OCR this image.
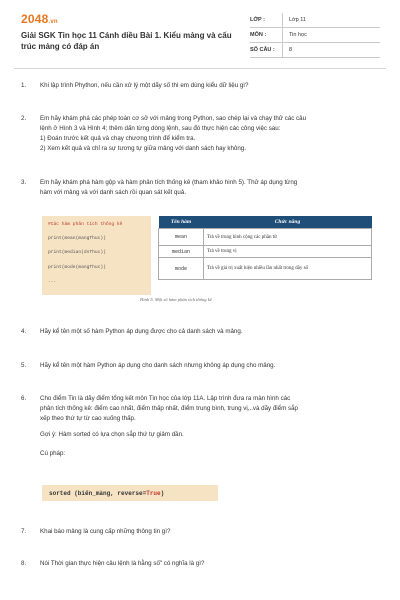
2048.vn
Giải SGK Tin học 11 Cánh diều Bài 1. Kiểu mảng và cấu trúc mảng có đáp án
LỚP :	Lớp 11
MÔN :	Tin học
SỐ CÂU :	8
1. Khi lập trình Phython, nếu cần xử lý một dãy số thì em dùng kiểu dữ liệu gì?

2. Em hãy khám phá các phép toán cơ sở với mảng trong Python, sao chép lại và chạy thử các câu

lệnh ở Hình 3 và Hình 4; thêm dấn từng dòng lệnh, sau đó thực hiện các công việc sau:

1) Đoán trước kết quả và chạy chương trình để kiểm tra.

2) Xem kết quả và chỉ ra sự tương tự giữa mảng với danh sách hay không.

3. Em hãy khám phá hàm gộp và hàm phân tích thống kê (tham khảo hình 5). Thử áp dụng từng

hàm với mảng và với danh sách rồi quan sát kết quả.

#Các hàm phân tích thống kê
print(mean(mangThuc))
print(median(dsThuc))
print(mode(mangThuc))
...
Tên hàm	Chức năng
mean	Trả về trung bình cộng các phần tử
median	Trả về trung vị
mode	Trả về giá trị xuất hiện nhiều lần nhất trong dãy số
Hình 5. Một số hàm phân tích thống kê
4. Hãy kể tên một số hàm Python áp dụng được cho cả danh sách và mảng.

5. Hãy kể tên một hàm Python áp dụng cho danh sách nhưng không áp dụng cho mảng.

6. Cho điểm Tin là dãy điểm tổng kết môn Tin học của lớp 11A. Lập trình đưa ra màn hình các

phân tích thống kê: điểm cao nhất, điểm thấp nhất, điểm trung bình, trung vị,..và dãy điểm sắp

xếp theo thứ tự từ cao xuống thấp.

Gợi ý: Hàm sorted có lựa chọn sắp thứ tự giảm dần.

Cú pháp:

sorted (biến_mảng, reverse=True)
7. Khai báo mảng là cung cấp những thông tin gì?

8. Nói Thời gian thực hiện câu lệnh là hằng số" có nghĩa là gì?
